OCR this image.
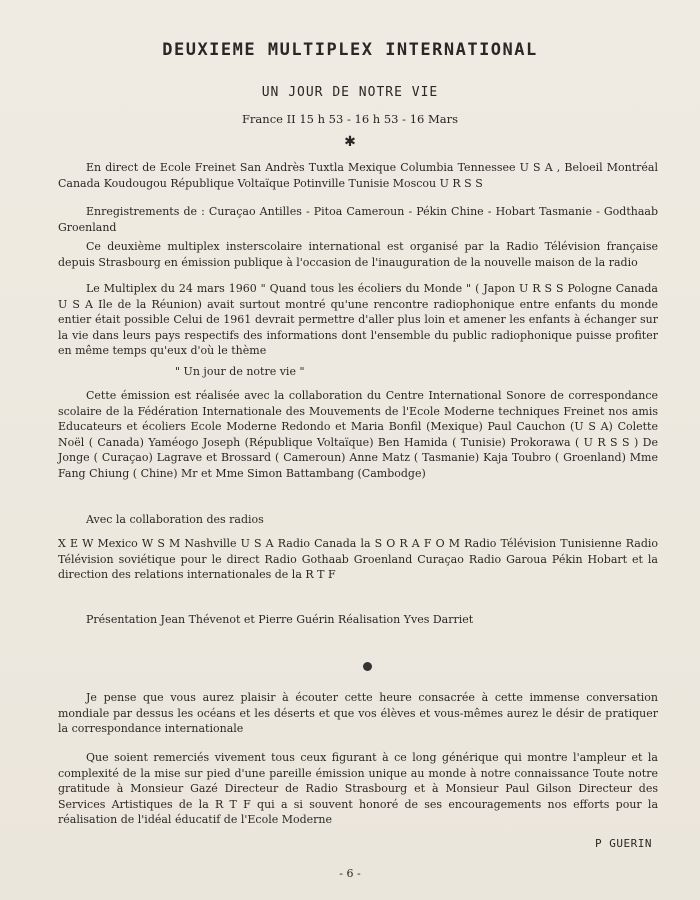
DEUXIEME MULTIPLEX INTERNATIONAL
UN JOUR DE NOTRE VIE
France II 15 h 53 - 16 h 53 - 16 Mars
✱
En direct de Ecole Freinet San Andrès Tuxtla Mexique Columbia Tennessee U S A , Beloeil Montréal Canada Koudougou République Voltaïque Potinville Tunisie Moscou U R S S
Enregistrements de : Curaçao Antilles - Pitoa Cameroun - Pékin Chine - Hobart Tasmanie - Godthaab Groenland
Ce deuxième multiplex insterscolaire international est organisé par la Radio Télévision française depuis Strasbourg en émission publique à l'occasion de l'inauguration de la nouvelle maison de la radio
Le Multiplex du 24 mars 1960 " Quand tous les écoliers du Monde " ( Japon U R S S Pologne Canada U S A Ile de la Réunion) avait surtout montré qu'une rencontre radiophonique entre enfants du monde entier était possible Celui de 1961 devrait permettre d'aller plus loin et amener les enfants à échanger sur la vie dans leurs pays respectifs des informations dont l'ensemble du public radiophonique puisse profiter en même temps qu'eux d'où le thème
" Un jour de notre vie "
Cette émission est réalisée avec la collaboration du Centre International Sonore de correspondance scolaire de la Fédération Internationale des Mouvements de l'Ecole Moderne techniques Freinet nos amis Educateurs et écoliers Ecole Moderne Redondo et Maria Bonfil (Mexique) Paul Cauchon (U S A) Colette Noël ( Canada) Yaméogo Joseph (République Voltaïque) Ben Hamida ( Tunisie) Prokorawa ( U R S S ) De Jonge ( Curaçao) Lagrave et Brossard ( Cameroun) Anne Matz ( Tasmanie) Kaja Toubro ( Groenland) Mme Fang Chiung ( Chine) Mr et Mme Simon Battambang (Cambodge)
Avec la collaboration des radios
X E W Mexico W S M Nashville U S A Radio Canada la S O R A F O M Radio Télévision Tunisienne Radio Télévision soviétique pour le direct Radio Gothaab Groenland Curaçao Radio Garoua Pékin Hobart et la direction des relations internationales de la R T F
Présentation Jean Thévenot et Pierre Guérin Réalisation Yves Darriet
Je pense que vous aurez plaisir à écouter cette heure consacrée à cette immense conversation mondiale par dessus les océans et les déserts et que vos élèves et vous-mêmes aurez le désir de pratiquer la correspondance internationale
Que soient remerciés vivement tous ceux figurant à ce long générique qui montre l'ampleur et la complexité de la mise sur pied d'une pareille émission unique au monde à notre connaissance Toute notre gratitude à Monsieur Gazé Directeur de Radio Strasbourg et à Monsieur Paul Gilson Directeur des Services Artistiques de la R T F qui a si souvent honoré de ses encouragements nos efforts pour la réalisation de l'idéal éducatif de l'Ecole Moderne
P GUERIN
- 6 -
